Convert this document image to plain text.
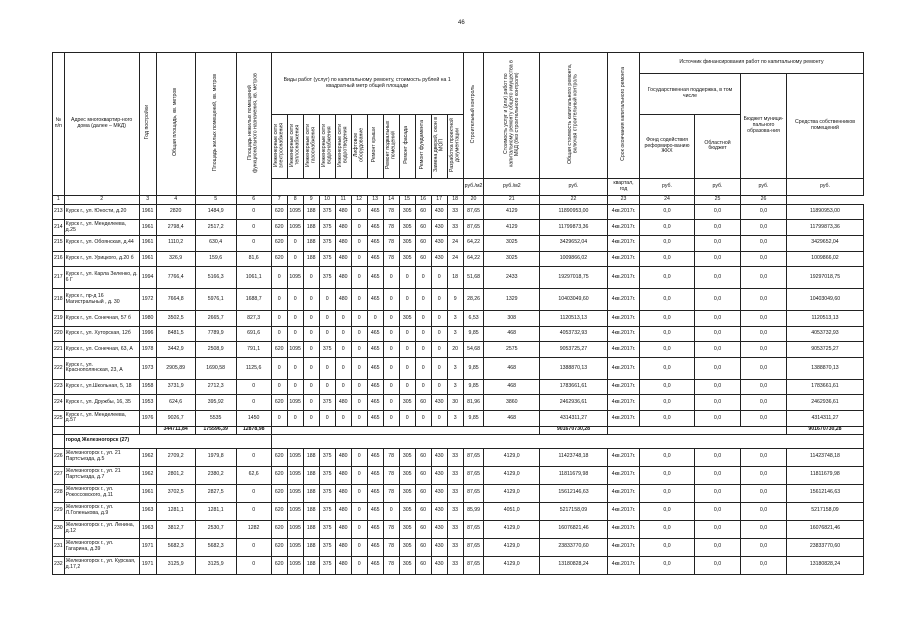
46
№ п/п	Адрес многоквартир-ного дома (далее – МКД)	Год постройки	Общая площадь, кв. метров	Площадь жилых помещений, кв. метров	Площадь нежилых помещений функционального назначения, кв. метров	Виды работ (услуг) по капитальному ремонту, стоимость рублей на 1 квадратный метр общей площади												Строительный контроль	Стоимость услуг и (или) работ по капитальному ремонту общего имущества в МКД (без строительного контроля)	Общая стоимость капитального ремонта, включая строительный контроль	Срок окончания капитального ремонта	Источник финансирования работ по капитальному ремонту			
																						Государственная поддержка, в том числе		Бюджет муници-пального образова-ния	Средства собственников помещений
						Инженерные сети электроснабжения	Инженерные сети теплоснабжения	Инженерные сети газоснабжения	Инженерные сети водоснабжения	Инженерные сети водоотведения	Лифтовое оборудование	Ремонт крыши	Ремонт подвальных помещений	Ремонт фасада	Ремонт фундамента	Замена дверей, окон в МОП	Разработка проектной документации					Фонд содействия реформиро-ванию ЖКХ	Областной бюджет		
																		руб./м2	руб./м2	руб.	квартал, год	руб.	руб.	руб.	руб.
1	2	3	4	5	6	7	8	9	10	11	12	13	14	15	16	17	18	20	21	22	23	24	25	26	
213	Курск г., ул. Юности, д.20	1961	2820	1484,9	0	620	1095	188	375	480	0	465	78	305	60	430	33	87,65	4129	11890953,00	4кв.2017г.	0,0	0,0	0,0	11890953,00
214	Курск г., ул. Менделеева, д.25	1961	2798,4	2517,2	0	620	1095	188	375	480	0	465	78	305	60	430	33	87,65	4129	11799873,36	4кв.2017г.	0,0	0,0	0,0	11799873,36
215	Курск г., ул. Обоянская, д.44	1961	1110,2	630,4	0	620	0	188	375	480	0	465	78	305	60	430	24	64,22	3025	3429652,04	4кв.2017г.	0,0	0,0	0,0	3429652,04
216	Курск г., ул. Урицкого, д.20 б	1961	326,9	159,6	81,6	620	0	188	375	480	0	465	78	305	60	430	24	64,22	3025	1009866,02	4кв.2017г.	0,0	0,0	0,0	1009866,02
217	Курск г., ул. Карла Зеленко, д. 6 Г	1994	7766,4	5166,3	1061,1	0	1095	0	375	480	0	465	0	0	0	0	18	51,68	2433	19297018,75	4кв.2017г.	0,0	0,0	0,0	19297018,75
218	Курск г., пр-д 16 Магистральный , д. 30	1972	7664,8	5976,1	1688,7	0	0	0	0	480	0	465	0	0	0	0	9	28,26	1329	10403049,60	4кв.2017г.	0,0	0,0	0,0	10403049,60
219	Курск г., ул. Сонечная, 57 б	1980	3502,5	2665,7	827,3	0	0	0	0	0	0	0	0	305	0	0	3	6,53	308	1120513,13	4кв.2017г.	0,0	0,0	0,0	1120513,13
220	Курск г., ул. Хуторская, 12б	1996	8481,5	7789,9	691,6	0	0	0	0	0	0	465	0	0	0	0	3	9,85	468	4053732,93	4кв.2017г.	0,0	0,0	0,0	4053732,93
221	Курск г., ул. Сонечная, 63, А	1978	3442,9	2508,9	791,1	620	1095	0	375	0	0	465	0	0	0	0	20	54,68	2575	9053725,27	4кв.2017г.	0,0	0,0	0,0	9053725,27
222	Курск г., ул. Краснополянская, 23, А	1973	2905,89	1690,58	1125,6	0	0	0	0	0	0	465	0	0	0	0	3	9,85	468	1388870,13	4кв.2017г.	0,0	0,0	0,0	1388870,13
223	Курск г., ул.Школьная, 5, 18	1958	3731,9	2712,3	0	0	0	0	0	0	0	465	0	0	0	0	3	9,85	468	1783661,61	4кв.2017г.	0,0	0,0	0,0	1783661,61
224	Курск г., ул. Дружбы, 16, 35	1953	624,6	395,92	0	620	1095	0	375	480	0	465	0	305	60	430	30	81,96	3860	2462936,61	4кв.2017г.	0,0	0,0	0,0	2462936,61
225	Курск г., ул. Менделеева, д.57	1976	9026,7	5535	1450	0	0	0	0	0	0	465	0	0	0	0	3	9,85	468	4314311,27	4кв.2017г.	0,0	0,0	0,0	4314311,27
			344711,84	175596,39	12878,98															901670730,28					901670730,28
	город Железногорск (27)																								
226	Железногорск г., ул. 21 Партсъезда, д.5	1962	2709,2	1979,8	0	620	1095	188	375	480	0	465	78	305	60	430	33	87,65	4129,0	11423748,18	4кв.2017г.	0,0	0,0	0,0	11423748,18
227	Железногорск г., ул. 21 Партсъезда, д.7	1962	2801,2	2380,2	62,6	620	1095	188	375	480	0	465	78	305	60	430	33	87,65	4129,0	11811679,98	4кв.2017г.	0,0	0,0	0,0	11811679,98
228	Железногорск г., ул. Рокоссовского, д.11	1961	3702,5	2827,5	0	620	1095	188	375	480	0	465	78	305	60	430	33	87,65	4129,0	15612146,63	4кв.2017г.	0,0	0,0	0,0	15612146,63
229	Железногорск г., ул. Л.Голенькова, д.9	1963	1281,1	1281,1	0	620	1095	188	375	480	0	465	0	305	60	430	33	85,99	4051,0	5217158,09	4кв.2017г.	0,0	0,0	0,0	5217158,09
230	Железногорск г., ул. Ленина, д.12	1963	3812,7	2530,7	1282	620	1095	188	375	480	0	465	78	305	60	430	33	87,65	4129,0	16076821,46	4кв.2017г.	0,0	0,0	0,0	16076821,46
231	Железногорск г., ул. Гагарина, д.39	1971	5682,3	5682,3	0	620	1095	188	375	480	0	465	78	305	60	430	33	87,65	4129,0	23833770,60	4кв.2017г.	0,0	0,0	0,0	23833770,60
232	Железногорск г., ул. Курская, д.17,2	1971	3125,9	3125,9	0	620	1095	188	375	480	0	465	78	305	60	430	33	87,65	4129,0	13180828,24	4кв.2017г.	0,0	0,0	0,0	13180828,24
